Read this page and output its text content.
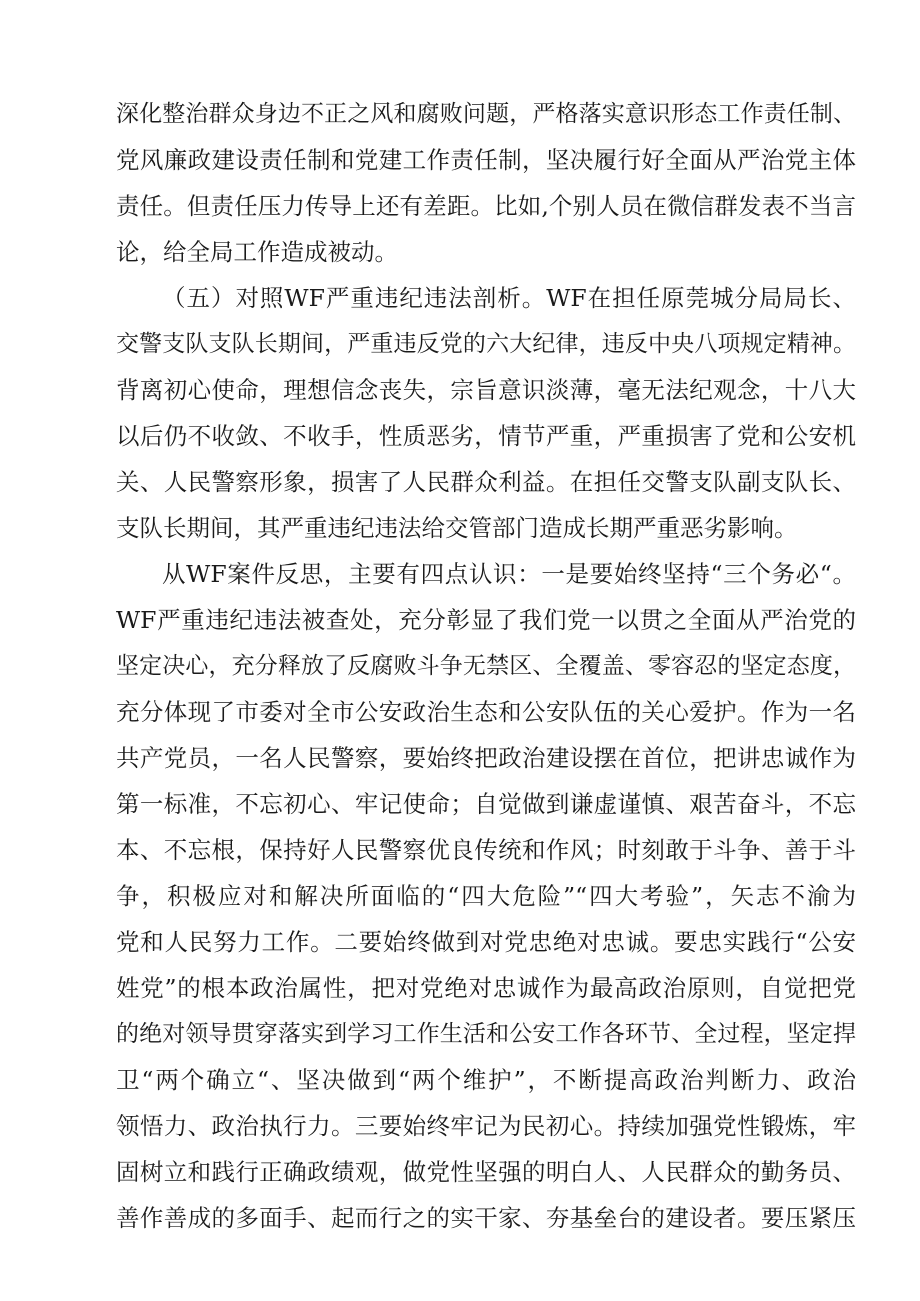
深化整治群众身边不正之风和腐败问题，严格落实意识形态工作责任制、
党风廉政建设责任制和党建工作责任制，坚决履行好全面从严治党主体
责任。但责任压力传导上还有差距。比如,个别人员在微信群发表不当言
论，给全局工作造成被动。
（五）对照WF严重违纪违法剖析。WF在担任原莞城分局局长、
交警支队支队长期间，严重违反党的六大纪律，违反中央八项规定精神。
背离初心使命，理想信念丧失，宗旨意识淡薄，毫无法纪观念，十八大
以后仍不收敛、不收手，性质恶劣，情节严重，严重损害了党和公安机
关、人民警察形象，损害了人民群众利益。在担任交警支队副支队长、
支队长期间，其严重违纪违法给交管部门造成长期严重恶劣影响。
从WF案件反思，主要有四点认识：一是要始终坚持“三个务必“。
WF严重违纪违法被查处，充分彰显了我们党一以贯之全面从严治党的
坚定决心，充分释放了反腐败斗争无禁区、全覆盖、零容忍的坚定态度，
充分体现了市委对全市公安政治生态和公安队伍的关心爱护。作为一名
共产党员，一名人民警察，要始终把政治建设摆在首位，把讲忠诚作为
第一标准，不忘初心、牢记使命；自觉做到谦虚谨慎、艰苦奋斗，不忘
本、不忘根，保持好人民警察优良传统和作风；时刻敢于斗争、善于斗
争，积极应对和解决所面临的“四大危险”“四大考验”，矢志不渝为
党和人民努力工作。二要始终做到对党忠绝对忠诚。要忠实践行“公安
姓党”的根本政治属性，把对党绝对忠诚作为最高政治原则，自觉把党
的绝对领导贯穿落实到学习工作生活和公安工作各环节、全过程，坚定捍
卫“两个确立“、坚决做到“两个维护”，不断提高政治判断力、政治
领悟力、政治执行力。三要始终牢记为民初心。持续加强党性锻炼，牢
固树立和践行正确政绩观，做党性坚强的明白人、人民群众的勤务员、
善作善成的多面手、起而行之的实干家、夯基垒台的建设者。要压紧压
